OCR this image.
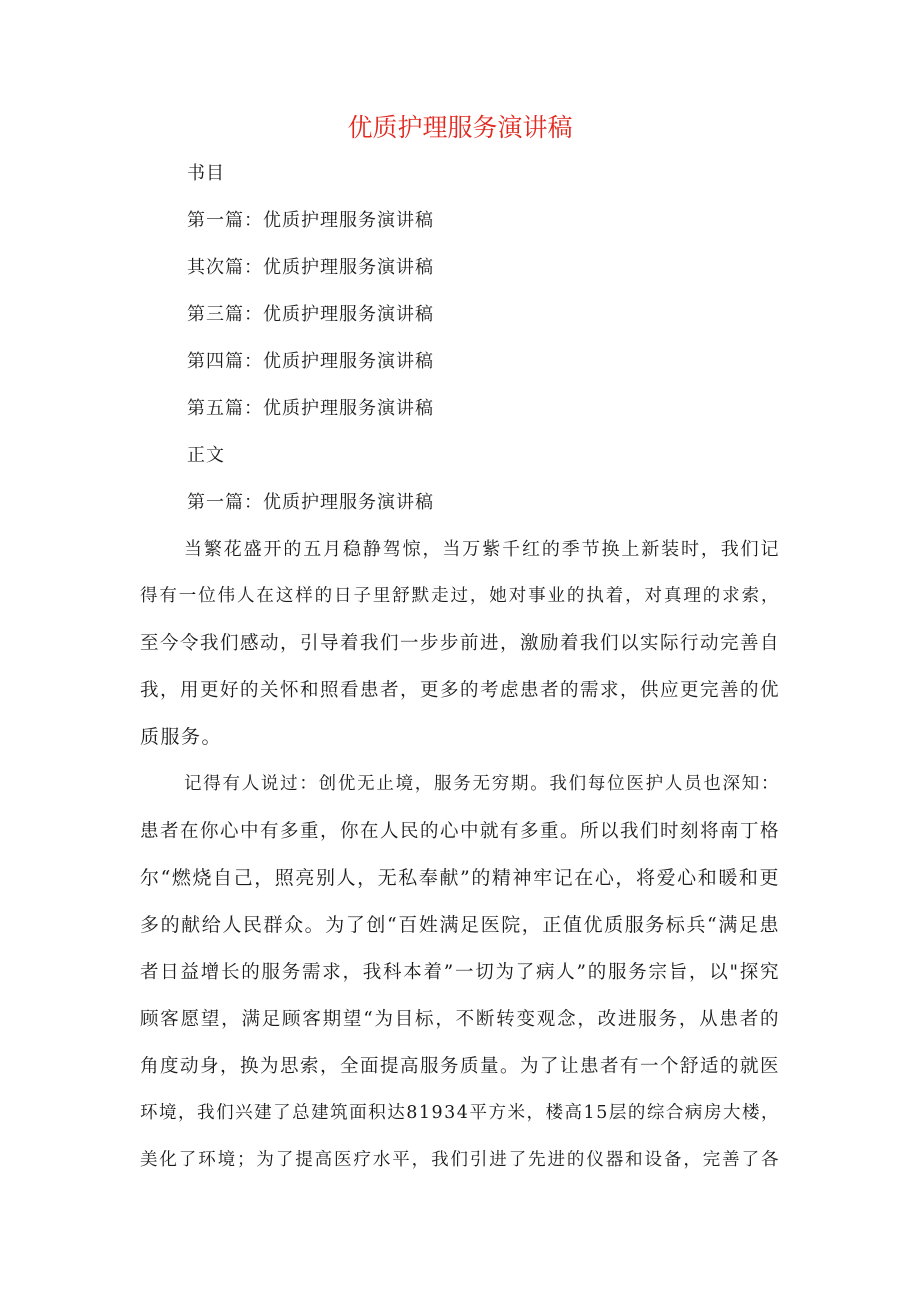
优质护理服务演讲稿
书目
第一篇：优质护理服务演讲稿
其次篇：优质护理服务演讲稿
第三篇：优质护理服务演讲稿
第四篇：优质护理服务演讲稿
第五篇：优质护理服务演讲稿
正文
第一篇：优质护理服务演讲稿
当繁花盛开的五月稳静驾惊，当万紫千红的季节换上新装时，我们记
得有一位伟人在这样的日子里舒默走过，她对事业的执着，对真理的求索，
至今令我们感动，引导着我们一步步前进，激励着我们以实际行动完善自
我，用更好的关怀和照看患者，更多的考虑患者的需求，供应更完善的优
质服务。
记得有人说过：创优无止境，服务无穷期。我们每位医护人员也深知：
患者在你心中有多重，你在人民的心中就有多重。所以我们时刻将南丁格
尔“燃烧自己，照亮别人，无私奉献”的精神牢记在心，将爱心和暖和更
多的献给人民群众。为了创“百姓满足医院，正值优质服务标兵“满足患
者日益增长的服务需求，我科本着”一切为了病人”的服务宗旨，以"探究
顾客愿望，满足顾客期望“为目标，不断转变观念，改进服务，从患者的
角度动身，换为思索，全面提高服务质量。为了让患者有一个舒适的就医
环境，我们兴建了总建筑面积达81934平方米，楼高15层的综合病房大楼，
美化了环境；为了提高医疗水平，我们引进了先进的仪器和设备，完善了各
